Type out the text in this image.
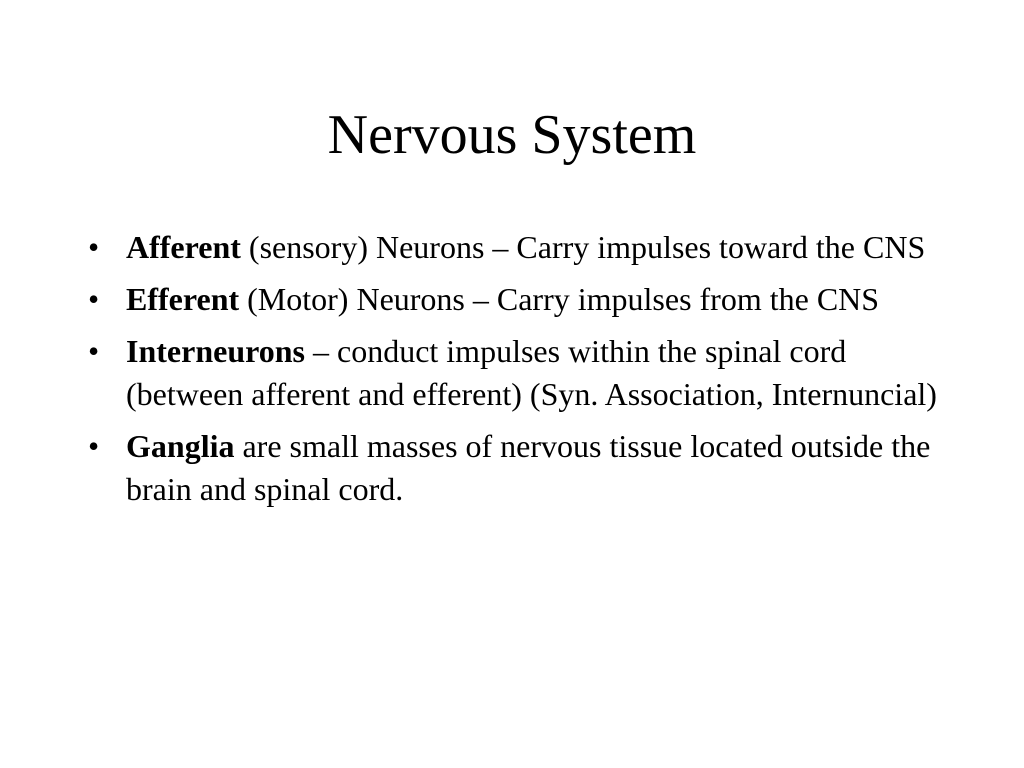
Nervous System
• Afferent (sensory) Neurons – Carry impulses toward the CNS
• Efferent (Motor) Neurons – Carry impulses from the CNS
• Interneurons – conduct impulses within the spinal cord (between afferent and efferent) (Syn. Association, Internuncial)
• Ganglia are small masses of nervous tissue located outside the brain and spinal cord.
